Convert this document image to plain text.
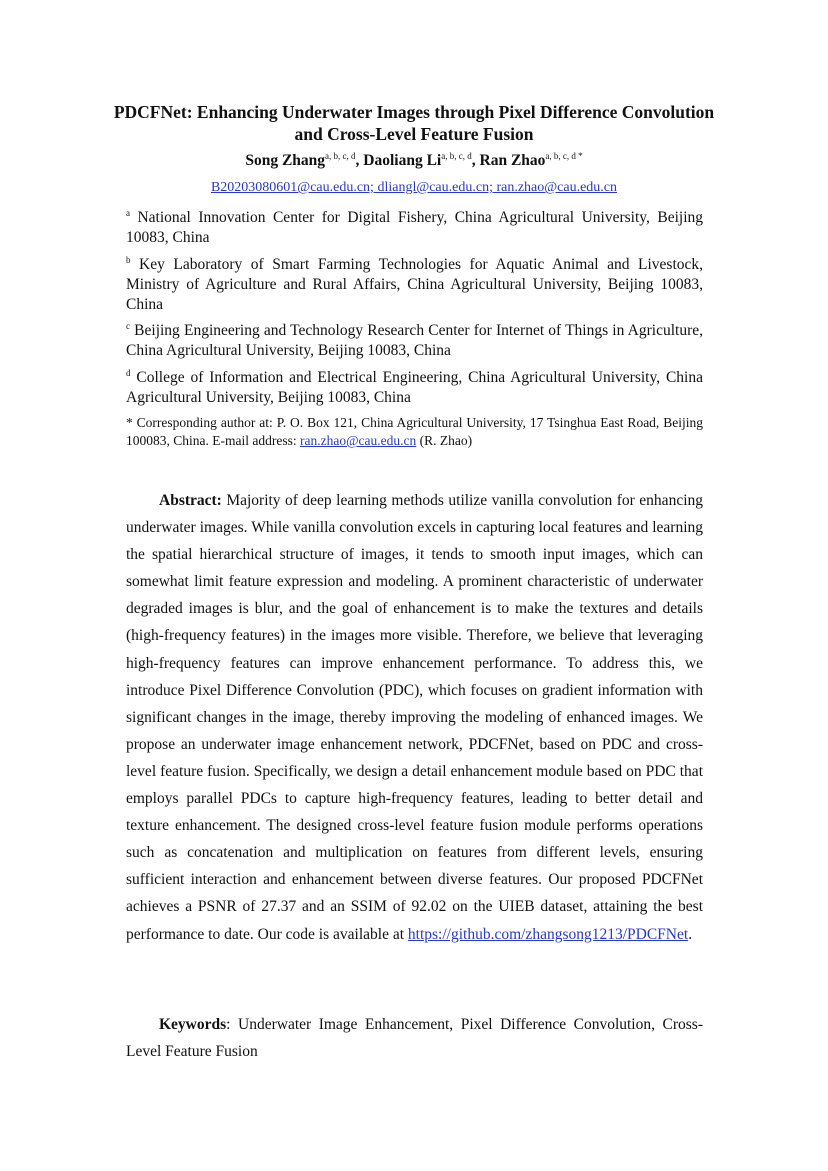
PDCFNet: Enhancing Underwater Images through Pixel Difference Convolution
and Cross-Level Feature Fusion
Song Zhang$^{a, b, c, d}$, Daoliang Li$^{a, b, c, d}$, Ran Zhao$^{a, b, c, d *}$
B20203080601@cau.edu.cn; dliangl@cau.edu.cn; ran.zhao@cau.edu.cn
$^a$ National Innovation Center for Digital Fishery, China Agricultural University, Beijing 10083, China
$^b$ Key Laboratory of Smart Farming Technologies for Aquatic Animal and Livestock, Ministry of Agriculture and Rural Affairs, China Agricultural University, Beijing 10083, China
$^c$ Beijing Engineering and Technology Research Center for Internet of Things in Agriculture, China Agricultural University, Beijing 10083, China
$^d$ College of Information and Electrical Engineering, China Agricultural University, China Agricultural University, Beijing 10083, China
* Corresponding author at: P. O. Box 121, China Agricultural University, 17 Tsinghua East Road, Beijing 100083, China. E-mail address: ran.zhao@cau.edu.cn (R. Zhao)

Abstract: Majority of deep learning methods utilize vanilla convolution for enhancing underwater images. While vanilla convolution excels in capturing local features and learning the spatial hierarchical structure of images, it tends to smooth input images, which can somewhat limit feature expression and modeling. A prominent characteristic of underwater degraded images is blur, and the goal of enhancement is to make the textures and details (high-frequency features) in the images more visible. Therefore, we believe that leveraging high-frequency features can improve enhancement performance. To address this, we introduce Pixel Difference Convolution (PDC), which focuses on gradient information with significant changes in the image, thereby improving the modeling of enhanced images. We propose an underwater image enhancement network, PDCFNet, based on PDC and cross-level feature fusion. Specifically, we design a detail enhancement module based on PDC that employs parallel PDCs to capture high-frequency features, leading to better detail and texture enhancement. The designed cross-level feature fusion module performs operations such as concatenation and multiplication on features from different levels, ensuring sufficient interaction and enhancement between diverse features. Our proposed PDCFNet achieves a PSNR of 27.37 and an SSIM of 92.02 on the UIEB dataset, attaining the best performance to date. Our code is available at https://github.com/zhangsong1213/PDCFNet.

Keywords: Underwater Image Enhancement, Pixel Difference Convolution, Cross-Level Feature Fusion
